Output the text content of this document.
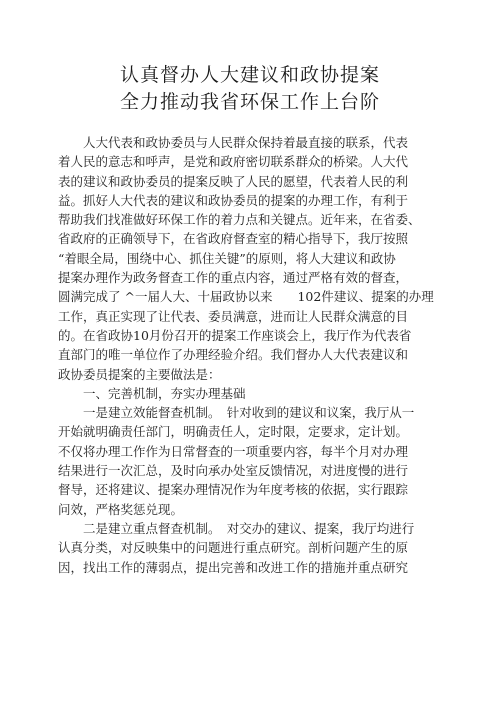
认真督办人大建议和政协提案
全力推动我省环保工作上台阶
　　人大代表和政协委员与人民群众保持着最直接的联系，代表
着人民的意志和呼声，是党和政府密切联系群众的桥梁。人大代
表的建议和政协委员的提案反映了人民的愿望，代表着人民的利
益。抓好人大代表的建议和政协委员的提案的办理工作，有利于
帮助我们找准做好环保工作的着力点和关键点。近年来，在省委、
省政府的正确领导下，在省政府督查室的精心指导下，我厅按照
“着眼全局，围绕中心、抓住关键”的原则，将人大建议和政协
提案办理作为政务督查工作的重点内容，通过严格有效的督查，
圆满完成了 ^一届人大、十届政协以来　　102件建议、提案的办理
工作，真正实现了让代表、委员满意，进而让人民群众满意的目
的。在省政协10月份召开的提案工作座谈会上，我厅作为代表省
直部门的唯一单位作了办理经验介绍。我们督办人大代表建议和
政协委员提案的主要做法是：
　　一、完善机制，夯实办理基础
　　一是建立效能督查机制。　针对收到的建议和议案，我厅从一
开始就明确责任部门，明确责任人，定时限，定要求，定计划。
不仅将办理工作作为日常督查的一项重要内容，每半个月对办理
结果进行一次汇总，及时向承办处室反馈情况，对进度慢的进行
督导，还将建议、提案办理情况作为年度考核的依据，实行跟踪
问效，严格奖惩兑现。
　　二是建立重点督查机制。　对交办的建议、提案，我厅均进行
认真分类，对反映集中的问题进行重点研究。剖析问题产生的原
因，找出工作的薄弱点，提出完善和改进工作的措施并重点研究
